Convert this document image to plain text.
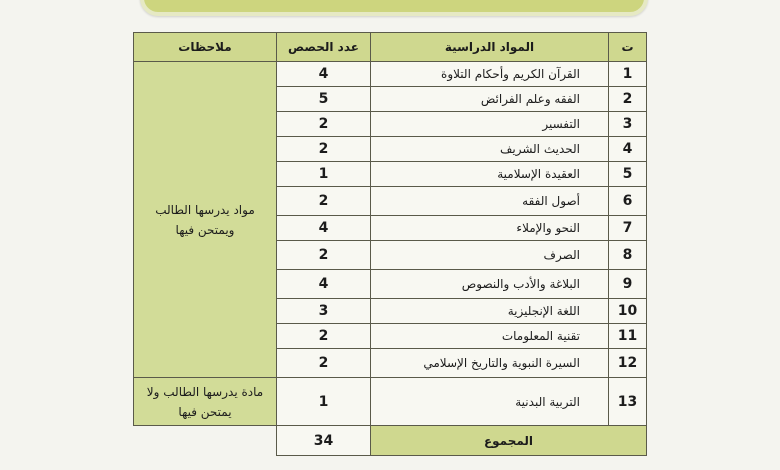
ت	المواد الدراسية	عدد الحصص	ملاحظات
1	القرآن الكريم وأحكام التلاوة	4	مواد يدرسها الطالب ويمتحن فيها
2	الفقه وعلم الفرائض	5	
3	التفسير	2	
4	الحديث الشريف	2	
5	العقيدة الإسلامية	1	
6	أصول الفقه	2	
7	النحو والإملاء	4	
8	الصرف	2	
9	البلاغة والأدب والنصوص	4	
10	اللغة الإنجليزية	3	
11	تقنية المعلومات	2	
12	السيرة النبوية والتاريخ الإسلامي	2	
13	التربية البدنية	1	مادة يدرسها الطالب ولا يمتحن فيها
المجموع		34	
